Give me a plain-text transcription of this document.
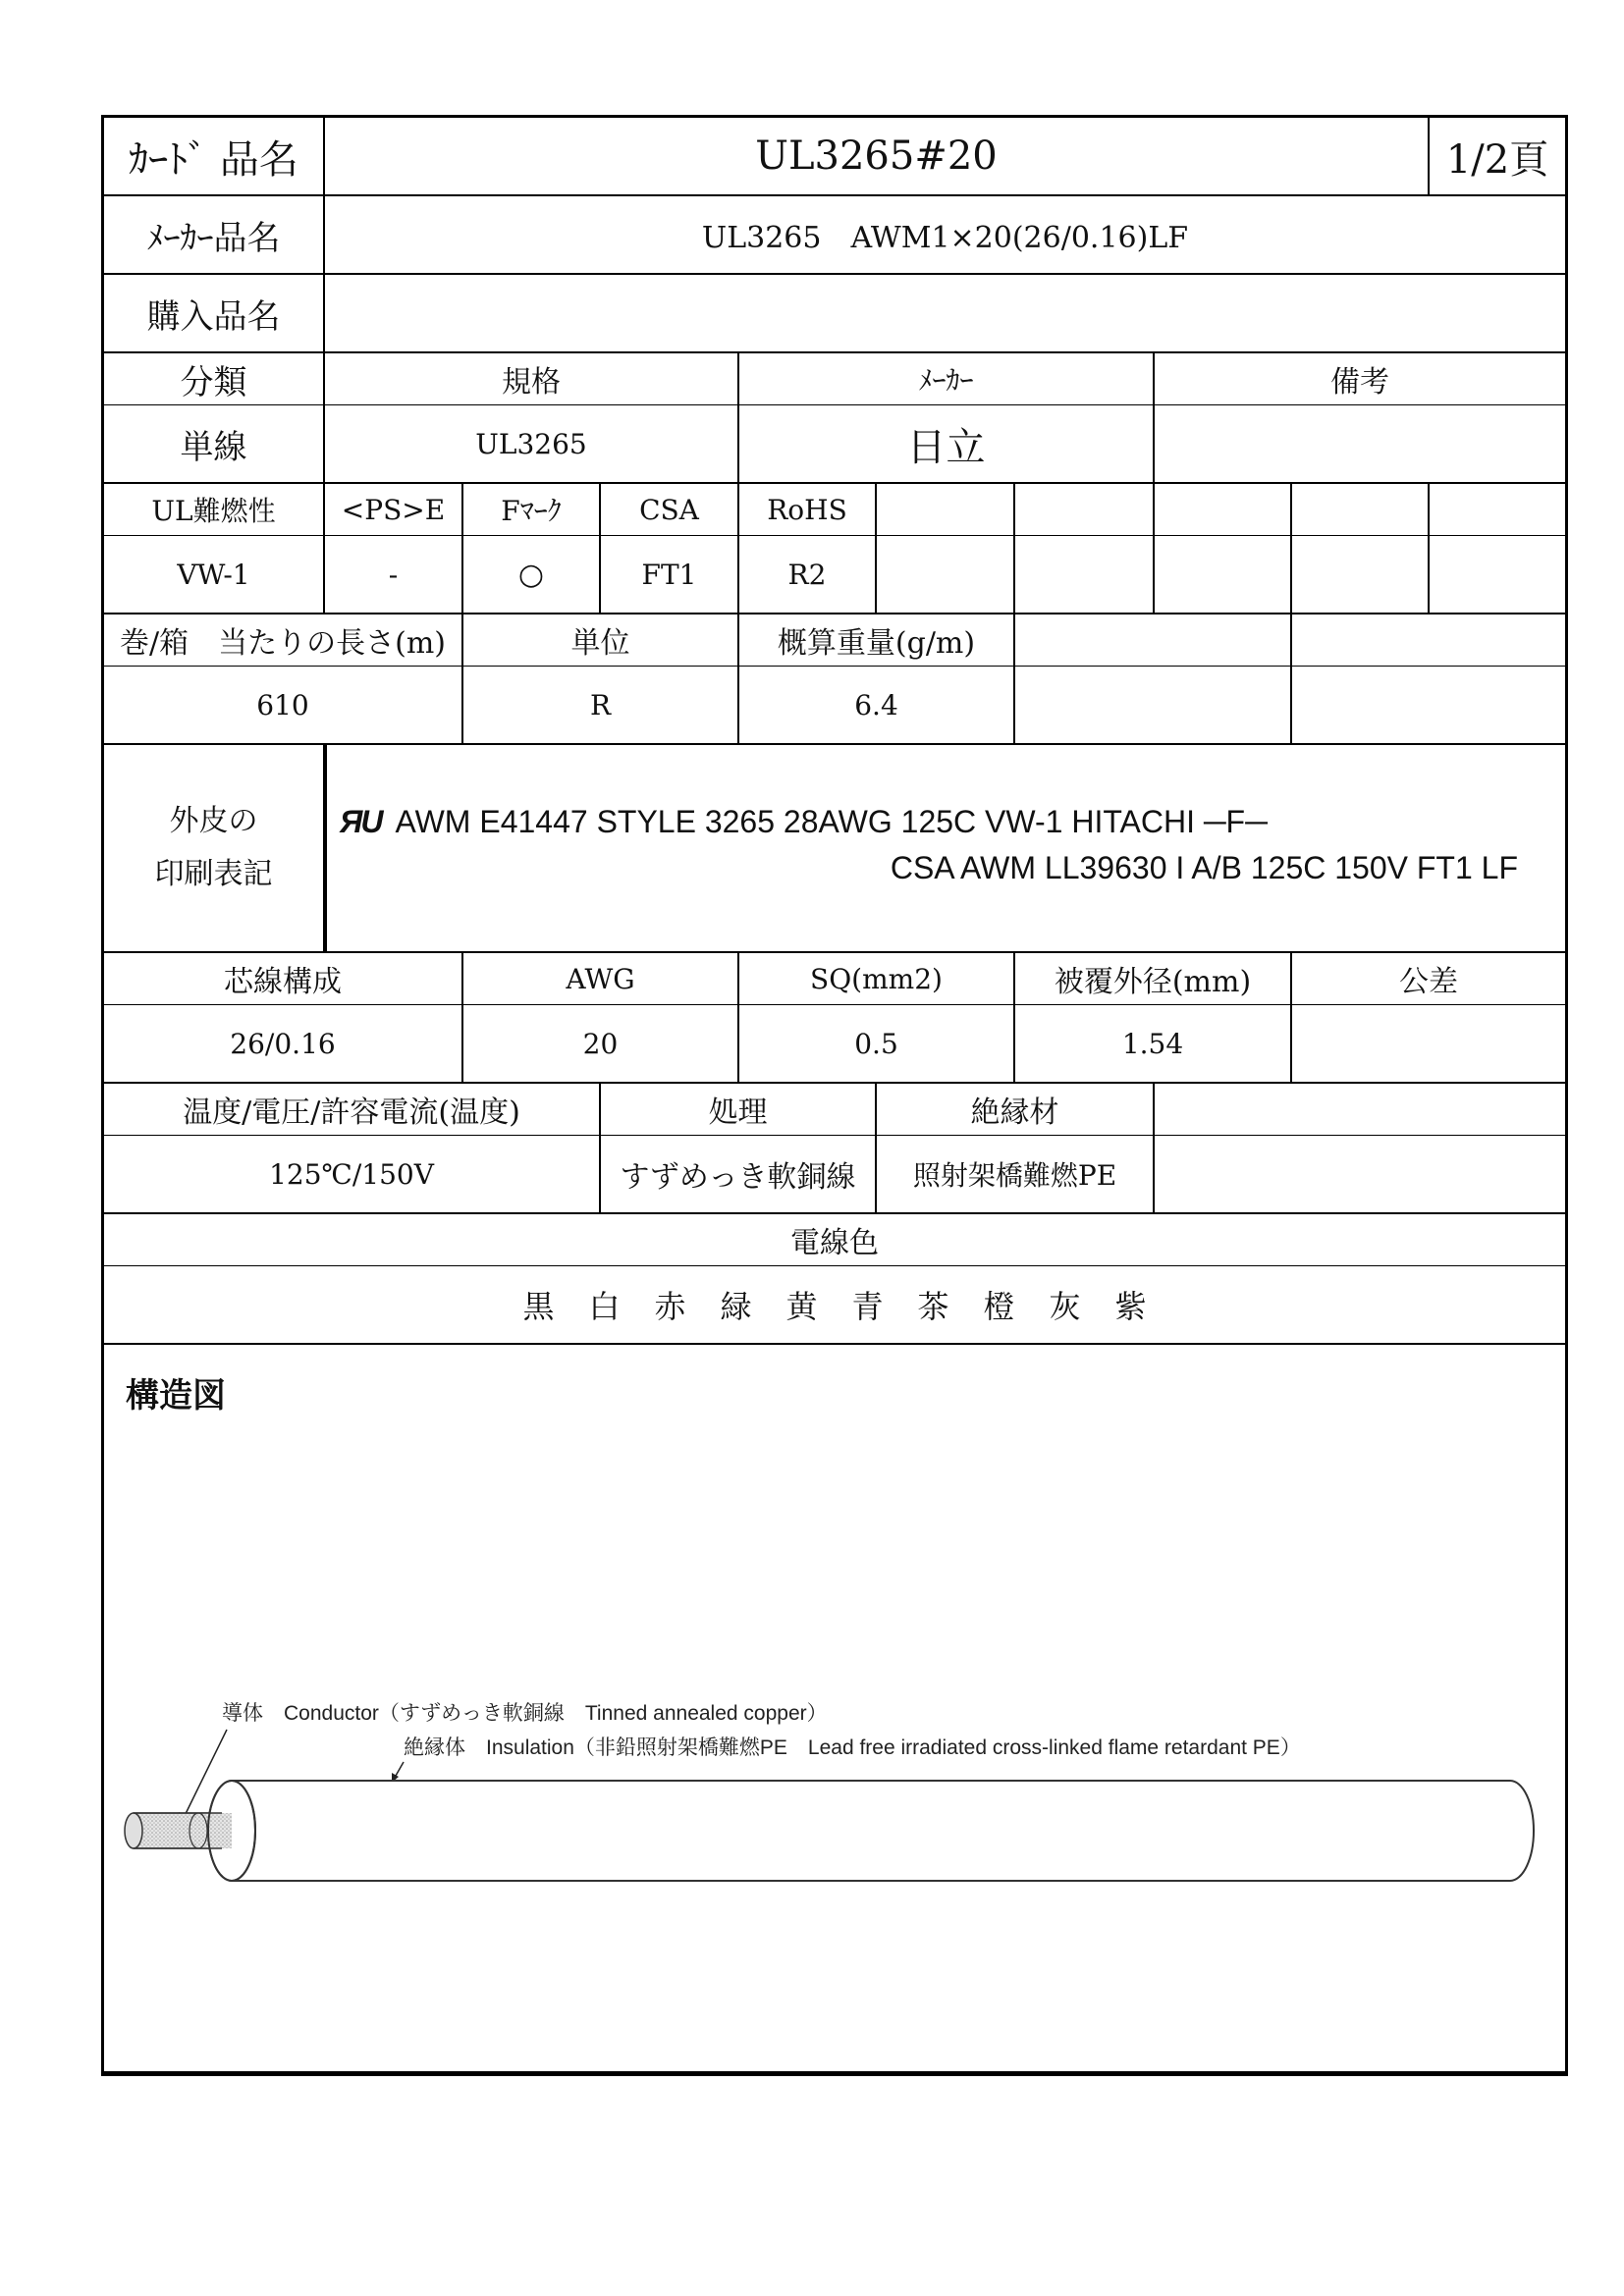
ｶｰﾄﾞ 品名	UL3265#20	1/2頁
ﾒｰｶｰ品名	UL3265　AWM1×20(26/0.16)LF
購入品名
分類	規格	ﾒｰｶｰ	備考
単線	UL3265	日立
UL難燃性	<PS>E	Fﾏｰｸ	CSA	RoHS
VW-1	-	○	FT1	R2
巻/箱　当たりの長さ(m)	単位	概算重量(g/m)
610	R	6.4
外皮の
印刷表記
ЯU AWM E41447 STYLE 3265 28AWG 125C VW-1 HITACHI ─F─
CSA AWM LL39630 I A/B 125C 150V FT1 LF
芯線構成	AWG	SQ(mm2)	被覆外径(mm)	公差
26/0.16	20	0.5	1.54
温度/電圧/許容電流(温度)	処理	絶縁材
125℃/150V	すずめっき軟銅線	照射架橋難燃PE
電線色
黒	白	赤	緑	黄	青	茶	橙	灰	紫
構造図
導体　Conductor（すずめっき軟銅線　Tinned annealed copper）
絶縁体　Insulation（非鉛照射架橋難燃PE　Lead free irradiated cross-linked flame retardant PE）
